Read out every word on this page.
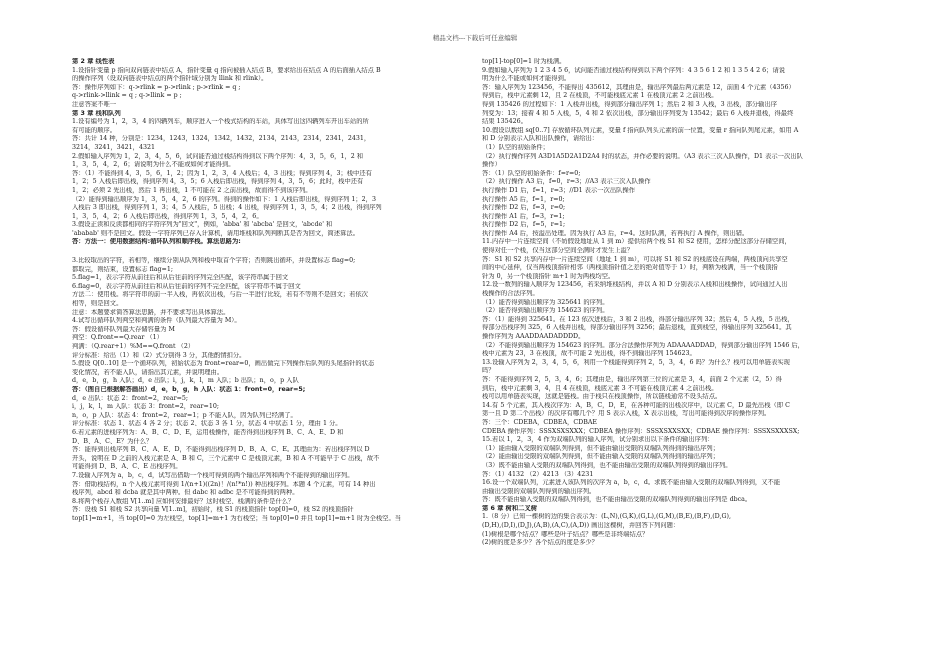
精品文档---下载后可任意编辑
第 2 章 线性表
1.设指针变量 p 指向双向链表中结点 A，指针变量 q 指向被插入结点 B，要求给出在结点 A 的后面插入结点 B
的操作序列（设双向链表中结点的两个指针域分别为 llink 和 rlink）。
答：操作序列如下：q->rlink = p->rlink ; p->rlink = q ;
q->rlink->llink = q ; q->llink = p ;
注意答案不唯一
第 3 章 栈和队列
1.设有编号为 1，2，3，4 的四辆列车，顺序进入一个栈式结构的车站，具体写出这四辆列车开出车站的所
有可能的顺序。
答：共计 14 种，分别是：1234，1243，1324，1342，1432，2134，2143，2314，2341，2431，
3214，3241，3421，4321
2.假如输入序列为 1，2，3，4，5，6，试问能否通过栈结构得到以下两个序列：4，3，5，6，1，2 和
1，3，5，4，2，6；请说明为什么不能或如何才能得到。
答：（1）不能得到 4，3，5，6，1，2；因为 1，2，3，4 入栈后；4，3 出栈；得到序列 4，3；栈中还有
1，2；5 入栈后即出栈，得到序列 4，3，5；6 入栈后即出栈，得到序列 4，3，5，6；此时，栈中还有
1，2；必须 2 先出栈，然后 1 再出栈，1 不可能在 2 之前出栈，故而得不到该序列。
（2）能得到输出顺序为 1，3，5，4，2，6 的序列。得到的操作如下：1 入栈后即出栈，得到序列 1；2，3
入栈后 3 即出栈，得到序列 1，3；4，5 入栈后，5 出栈；4 出栈，得到序列 1，3，5，4；2 出栈，得到序列
1，3，5，4，2；6 入栈后即出栈，得到序列 1，3，5，4，2，6。
3.假设正读和反读都相同的字符序列为"回文"，例如，'abba' 和 'abcba' 是回文，'abcde' 和
'ababab' 则不是回文。假设一字符序列已存入计算机，请用堆栈和队列判断其是否为回文，简述算法。
答：方法一：使用数据结构:循环队列和顺序栈。算法思路为:
3.比较取出的字符，若相等，继续分别从队列和栈中取首个字符；否则跳出循环，并设置标志 flag=0;
都取完，则结束，设置标志 flag=1;
5.flag=1，表示字符从前往后和从后往前的序列完全匹配，该字符串属于回文
6.flag=0，表示字符从前往后和从后往前的序列不完全匹配，该字符串不属于回文
方法二：使用栈。将字符串的前一半入栈，再依次出栈，与后一半进行比较，若有不等则不是回文；若依次
相等，则是回文。
注意：本题要求简答算法思路，并不要求写出具体算法。
4.试写出循环队列判空和判满的条件（队列最大容量为 M）。
答：假设循环队列最大存储容量为 M
判空：Q.front==Q.rear （1）
判满：（Q.rear+1）%M==Q.front （2）
评分标准：给出（1）和（2）式分别得 3 分，其他酌情扣分。
5.假设 Q[0..10] 是一个循环队列，初始状态为 front=rear=0，画出做完下列操作后队列的头尾指针的状态
变化情况，若不能入队，请指出其元素，并说明理由。
d，e，b，g，h 入队；d，e 出队；i，j，k，l，m 入队；b 出队；n，o，p 入队
答：（图自已根据解答画出）d，e，b，g，h 入队：状态 1：front=0，rear=5;
d，e 出队：状态 2：front=2，rear=5;
i，j，k，l，m 入队：状态 3：front=2，rear=10;
n，o，p 入队：状态 4：front=2，rear=1；p 不能入队，因为队列已经满了。
评分标准：状态 1、状态 4 各 2 分；状态 2、状态 3 各 1 分，状态 4 中状态 1 分，理由 1 分。
6.若元素的进栈序列为：A、B、C、D、E，运用栈操作，能否得到出栈序列 B、C、A、E、D 和
D、B、A、C、E？为什么？
答：能得到出栈序列 B、C、A、E、D，不能得到出栈序列 D、B、A、C、E。其理由为：若出栈序列以 D
开头，说明在 D 之前的入栈元素是 A、B 和 C，三个元素中 C 是栈顶元素，B 和 A 不可能早于 C 出栈，故不
可能得到 D、B、A、C、E 出栈序列。
7.设输入序列为 a，b，c，d，试写出借助一个栈可得到的两个输出序列和两个不能得到的输出序列。
答：借助栈结构，n 个入栈元素可得到 1/(n+1)((2n)！/(n!*n!)) 种出栈序列。本题 4 个元素，可有 14 种出
栈序列，abcd 和 dcba 就是其中两种。但 dabc 和 adbc 是不可能得到的两种。
8.将两个栈存入数组 V[1..m] 应如何安排最好？这时栈空、栈满的条件是什么？
答：设栈 S1 和栈 S2 共享向量 V[1..m]，初始时，栈 S1 的栈顶指针 top[0]=0，栈 S2 的栈顶指针
top[1]=m+1，当 top[0]=0 为左栈空，top[1]=m+1 为右栈空；当 top[0]=0 并且 top[1]=m+1 时为全栈空。当
top[1]-top[0]=1 时为栈满。
9.假如输入序列为 1 2 3 4 5 6，试问能否通过栈结构得到以下两个序列：4 3 5 6 1 2 和 1 3 5 4 2 6；请说
明为什么不能或如何才能得到。
答：输入序列为 123456，不能得出 435612，其理由是，输出序列最后两元素是 12，前面 4 个元素（4356）
得到后，栈中元素剩 12，且 2 在栈顶，不可能栈底元素 1 在栈顶元素 2 之前出栈。
得到 135426 的过程如下：1 入栈并出栈，得到部分输出序列 1；然后 2 和 3 入栈，3 出栈，部分输出序
列变为：13；接着 4 和 5 入栈，5，4 和 2 依次出栈，部分输出序列变为 13542；最后 6 入栈并退栈，得最终
结果 135426。
10.假设以数组 sq[0..7] 存放循环队列元素，变量 f 指向队列头元素的前一位置，变量 r 指向队列尾元素，如用 A
和 D 分别表示入队和出队操作，请给出：
（1）队空的初始条件；
（2）执行操作序列 A3D1A5D2A1D2A4 时的状态，并作必要的说明。（A3 表示三次入队操作，D1 表示一次出队
操作）
答：（1）队空的初始条件：f=r=0;
（2）执行操作 A3 后，f=0，r=3；//A3 表示三次入队操作
执行操作 D1 后，f=1，r=3；//D1 表示一次出队操作
执行操作 A5 后，f=1，r=0;
执行操作 D2 后，f=3，r=0;
执行操作 A1 后，f=3，r=1;
执行操作 D2 后，f=5，r=1;
执行操作 A4 后，按溢出处理。因为执行 A3 后，r=4。这时队满，若再执行 A 操作，则出错。
11.内存中一片连续空间（不妨假设地址从 1 到 m）提供给两个栈 S1 和 S2 使用，怎样分配这部分存储空间，
使得对任一个栈，仅当这部分空间全满时才发生上溢？
答：S1 和 S2 共享内存中一片连续空间（地址 1 到 m），可以将 S1 和 S2 的栈底设在两端，两栈顶向共享空
间的中心延伸，仅当两栈顶指针相邻（两栈顶指针值之差的绝对值等于 1）时，判断为栈满，当一个栈顶指
针为 0，另一个栈顶指针 m+1 时为两栈均空。
12.设一数列的输入顺序为 123456，若采纳堆栈结构，并以 A 和 D 分别表示入栈和出栈操作，试问通过入出
栈操作的合法序列。
（1）能否得到输出顺序为 325641 的序列。
（2）能否得到输出顺序为 154623 的序列。
答：（1）能得到 325641。在 123 依次进栈后，3 和 2 出栈，得部分输出序列 32；然后 4，5 入栈，5 出栈，
得部分出栈序列 325，6 入栈并出栈，得部分输出序列 3256；最后退栈，直到栈空，得输出序列 325641。其
操作序列为 AAADDAADADDDD。
（2）不能得到输出顺序为 154623 的序列。部分合法操作序列为 ADAAAADDAD，得到部分输出序列 1546 后，
栈中元素为 23，3 在栈顶，故不可能 2 先出栈，得不到输出序列 154623。
13.设输入序列为 2，3，4，5，6，利用一个栈能得到序列 2，5，3，4，6 吗？为什么？栈可以用单链表实现
吗？
答：不能得到序列 2，5，3，4，6；其理由是，输出序列第三位的元素是 3，4，前面 2 个元素（2，5）得
到后，栈中元素剩 3，4，且 4 在栈顶，栈底元素 3 不可能在栈顶元素 4 之前出栈。
栈可以用单链表实现，这就是链栈。由于栈只在栈顶操作，所以链栈通常不设头结点。
14.有 5 个元素，其入栈次序为：A，B，C，D，E，在各种可能的出栈次序中，以元素 C，D 最先出栈（即 C
第一且 D 第二个出栈）的次序有哪几个？用 S 表示入栈，X 表示出栈，写出可能得到次序的操作序列。
答：三个：CDEBA，CDBEA，CDBAE
CDEBA 操作序列：SSSXSXSXXX；CDBEA 操作序列：SSSXSXXSXX；CDBAE 操作序列：SSSXSXXXSX;
15.若以 1，2，3，4 作为双端队列的输入序列，试分别求出以下条件的输出序列：
（1）能由输入受限的双端队列得到，但不能由输出受限的双端队列得到的输出序列；
（2）能由输出受限的双端队列得到，但不能由输入受限的双端队列得到的输出序列；
（3）既不能由输入受限的双端队列得到，也不能由输出受限的双端队列得到的输出序列。
答：（1）4132 （2）4213 （3）4231
16.设一个双端队列，元素进入该队列的次序为 a，b，c，d。求既不能由输入受限的双端队列得到，又不能
由输出受限的双端队列得到的输出序列。
答：既不能由输入受限的双端队列得到，也不能由输出受限的双端队列得到的输出序列是 dbca。
第 6 章 树和二叉树
1.（8 分）已知一棵树的边的集合表示为：(L,N),(G,K),(G,L),(G,M),(B,E),(B,F),(D,G),
(D,H),(D,I),(D,J),(A,B),(A,C),(A,D)) 画出这棵树，并回答下列问题：
(1)树根是哪个结点？哪些是叶子结点？哪些是非终端结点？
(2)树的度是多少？各个结点的度是多少？
